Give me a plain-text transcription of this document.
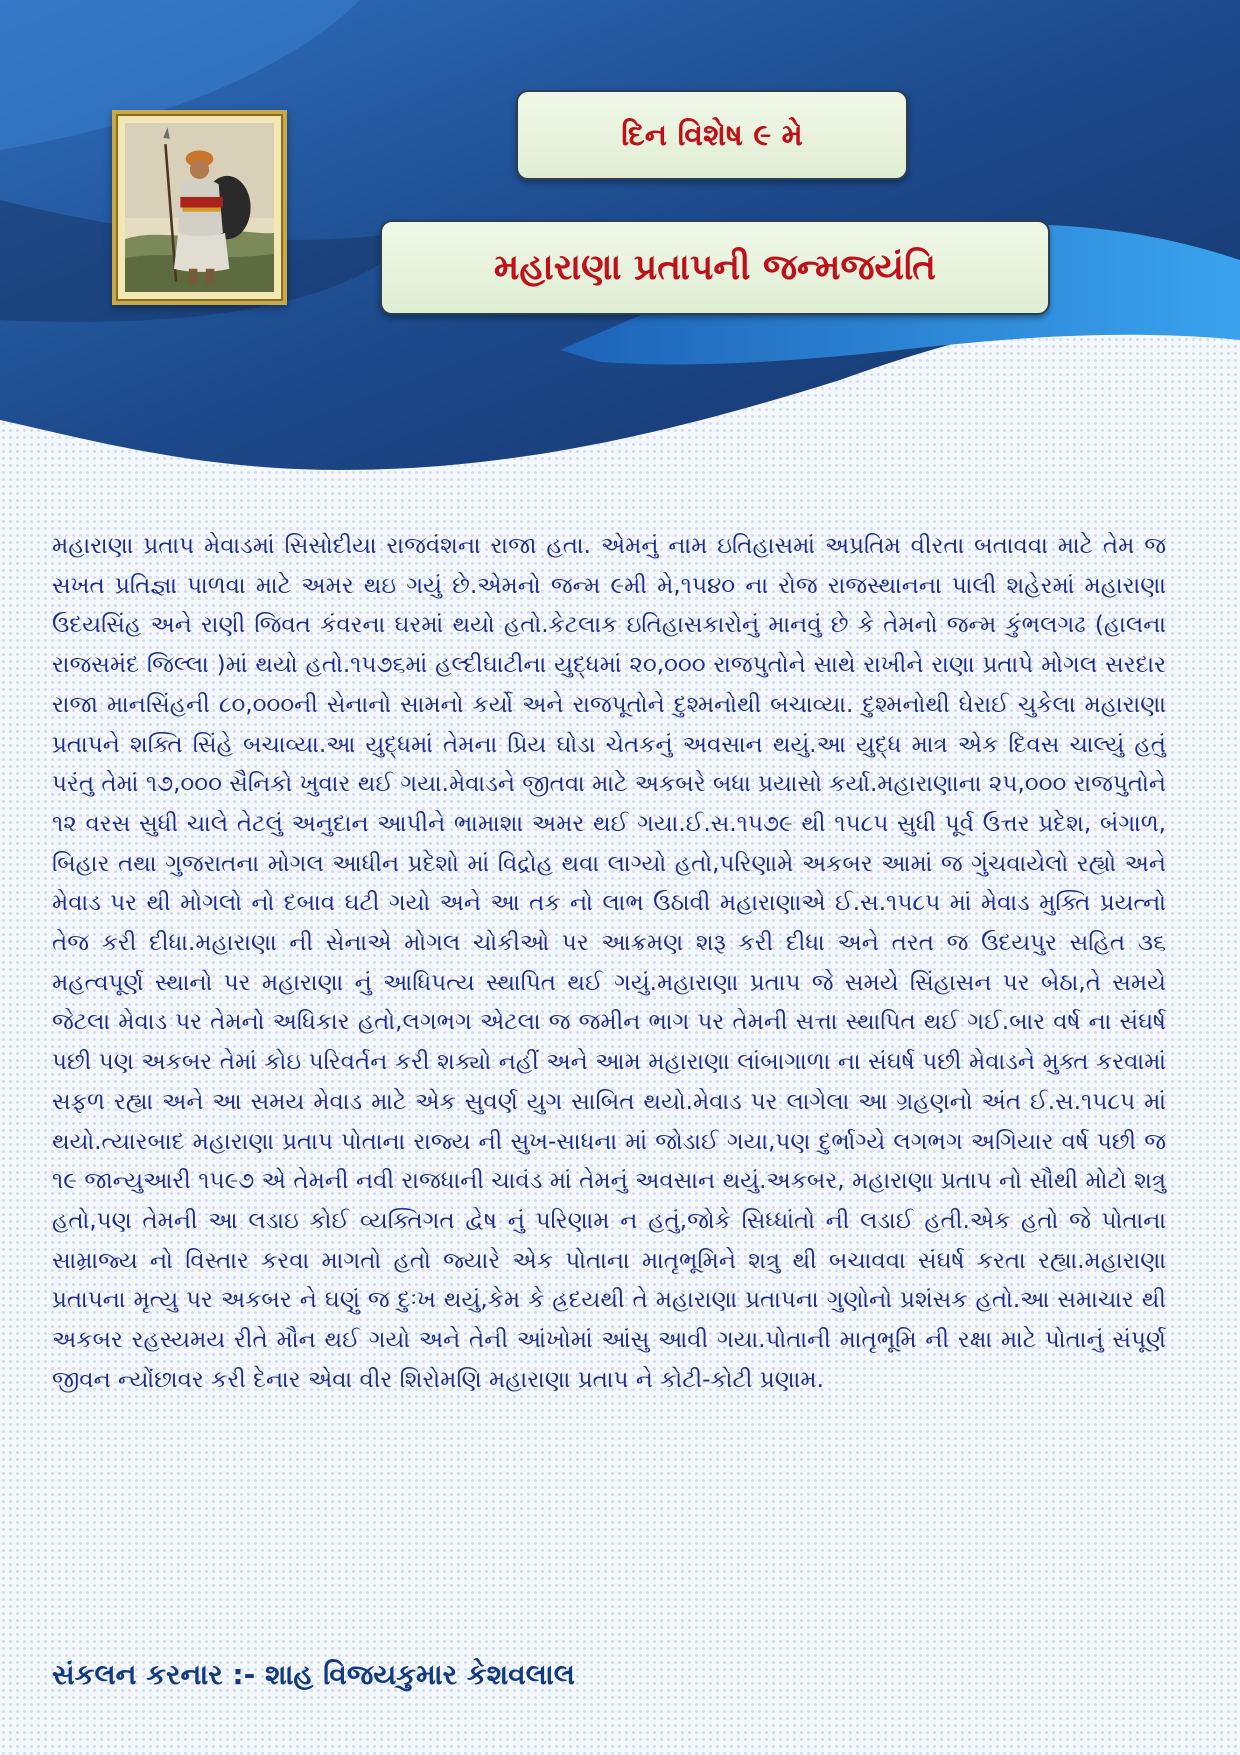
દિન વિશેષ ૯ મે
મહારાણા પ્રતાપની જન્મજયંતિ

મહારાણા પ્રતાપ મેવાડમાં સિસોદીયા રાજવંશના રાજા હતા. એમનું નામ ઇતિહાસમાં અપ્રતિમ વીરતા બતાવવા માટે તેમ જ સખત પ્રતિજ્ઞા પાળવા માટે અમર થઇ ગયું છે.એમનો જન્મ ૯મી મે,૧૫૪૦ ના રોજ રાજસ્થાનના પાલી શહેરમાં મહારાણા ઉદયસિંહ અને રાણી જિવત કંવરના ઘરમાં થયો હતો.કેટલાક ઇતિહાસકારોનું માનવું છે કે તેમનો જન્મ કુંભલગઢ (હાલના રાજસમંદ જિલ્લા )માં થયો હતો.૧૫૭૬માં હલ્દીઘાટીના યુદ્ધમાં ૨૦,૦૦૦ રાજપુતોને સાથે રાખીને રાણા પ્રતાપે મોગલ સરદાર રાજા માનસિંહની ૮૦,૦૦૦ની સેનાનો સામનો કર્યો અને રાજપૂતોને દુશ્મનોથી બચાવ્યા. દુશ્મનોથી ઘેરાઈ ચુકેલા મહારાણા પ્રતાપને શક્તિ સિંહે બચાવ્યા.આ યુદ્ધમાં તેમના પ્રિય ઘોડા ચેતકનું અવસાન થયું.આ યુદ્ધ માત્ર એક દિવસ ચાલ્યું હતું પરંતુ તેમાં ૧૭,૦૦૦ સૈનિકો ખુવાર થઈ ગયા.મેવાડને જીતવા માટે અકબરે બધા પ્રયાસો કર્યા.મહારાણાના ૨૫,૦૦૦ રાજપુતોને ૧૨ વરસ સુધી ચાલે તેટલું અનુદાન આપીને ભામાશા અમર થઈ ગયા.ઈ.સ.૧૫૭૯ થી ૧૫૮૫ સુધી પૂર્વ ઉત્તર પ્રદેશ, બંગાળ, બિહાર તથા ગુજરાતના મોગલ આધીન પ્રદેશો માં વિદ્રોહ થવા લાગ્યો હતો,પરિણામે અકબર આમાં જ ગુંચવાયેલો રહ્યો અને મેવાડ પર થી મોગલો નો દબાવ ઘટી ગયો અને આ તક નો લાભ ઉઠાવી મહારાણાએ ઈ.સ.૧૫૮૫ માં મેવાડ મુક્તિ પ્રયત્નો તેજ કરી દીધા.મહારાણા ની સેનાએ મોગલ ચોકીઓ પર આક્રમણ શરૂ કરી દીધા અને તરત જ ઉદયપુર સહિત ૩૬ મહત્વપૂર્ણ સ્થાનો પર મહારાણા નું આધિપત્ય સ્થાપિત થઈ ગયું.મહારાણા પ્રતાપ જે સમયે સિંહાસન પર બેઠા,તે સમયે જેટલા મેવાડ પર તેમનો અધિકાર હતો,લગભગ એટલા જ જમીન ભાગ પર તેમની સત્તા સ્થાપિત થઈ ગઈ.બાર વર્ષ ના સંઘર્ષ પછી પણ અકબર તેમાં કોઇ પરિવર્તન કરી શક્યો નહીં અને આમ મહારાણા લાંબાગાળા ના સંઘર્ષ પછી મેવાડને મુક્ત કરવામાં સફળ રહ્યા અને આ સમય મેવાડ માટે એક સુવર્ણ યુગ સાબિત થયો.મેવાડ પર લાગેલા આ ગ્રહણનો અંત ઈ.સ.૧૫૮૫ માં થયો.ત્યારબાદ મહારાણા પ્રતાપ પોતાના રાજ્ય ની સુખ-સાધના માં જોડાઈ ગયા,પણ દુર્ભાગ્યે લગભગ અગિયાર વર્ષ પછી જ ૧૯ જાન્યુઆરી ૧૫૯૭ એ તેમની નવી રાજધાની ચાવંડ માં તેમનું અવસાન થયું.અકબર, મહારાણા પ્રતાપ નો સૌથી મોટો શત્રુ હતો,પણ તેમની આ લડાઇ કોઈ વ્યક્તિગત દ્વેષ નું પરિણામ ન હતું,જોકે સિધ્ધાંતો ની લડાઈ હતી.એક હતો જે પોતાના સામ્રાજ્ય નો વિસ્તાર કરવા માગતો હતો જ્યારે એક પોતાના માતૃભૂમિને શત્રુ થી બચાવવા સંઘર્ષ કરતા રહ્યા.મહારાણા પ્રતાપના મૃત્યુ પર અકબર ને ઘણું જ દુઃખ થયું,કેમ કે હ્રદયથી તે મહારાણા પ્રતાપના ગુણોનો પ્રશંસક હતો.આ સમાચાર થી અકબર રહસ્યમય રીતે મૌન થઈ ગયો અને તેની આંખોમાં આંસુ આવી ગયા.પોતાની માતૃભૂમિ ની રક્ષા માટે પોતાનું સંપૂર્ણ જીવન ન્યોંછાવર કરી દેનાર એવા વીર શિરોમણિ મહારાણા પ્રતાપ ને કોટી-કોટી પ્રણામ.

સંકલન કરનાર :- શાહ વિજયકુમાર કેશવલાલ
